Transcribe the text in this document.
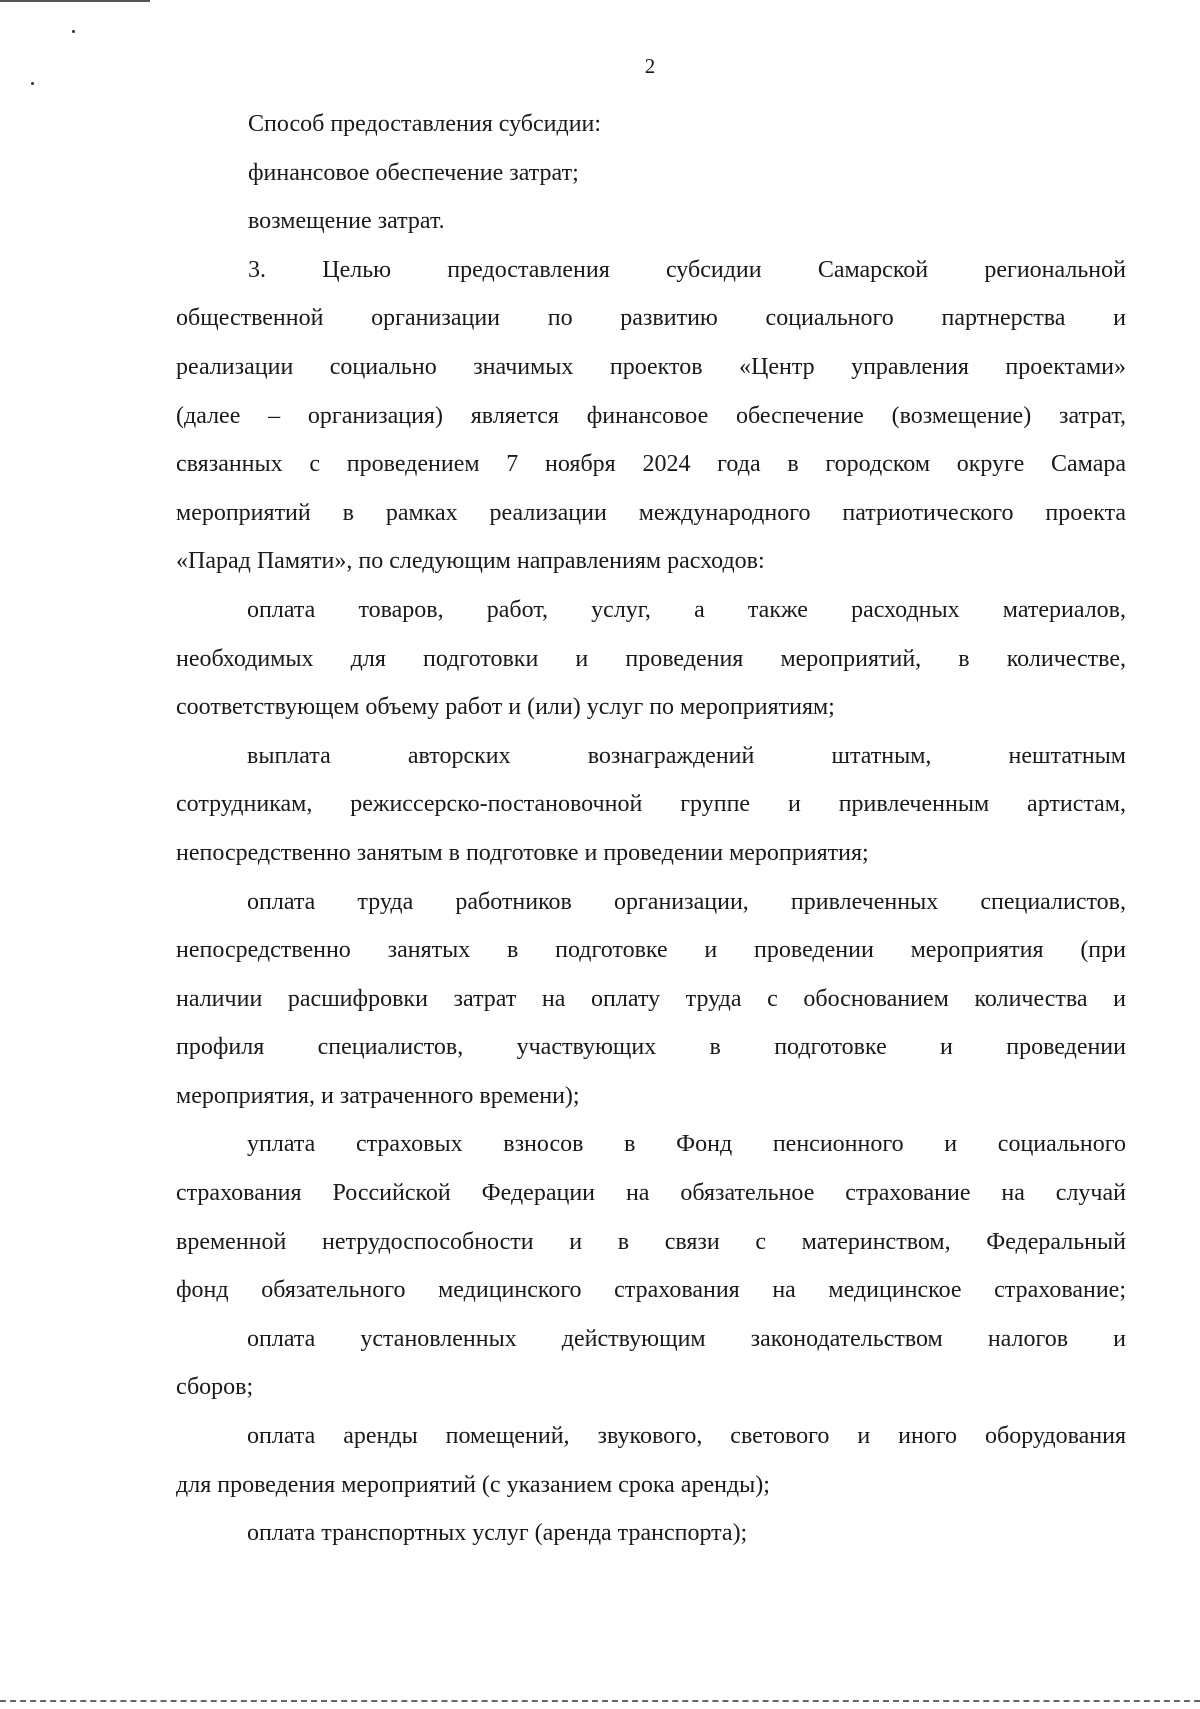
2

Способ предоставления субсидии:

финансовое обеспечение затрат;

возмещение затрат.

3. Целью предоставления субсидии Самарской региональной
общественной организации по развитию социального партнерства и
реализации социально значимых проектов «Центр управления проектами»
(далее – организация) является финансовое обеспечение (возмещение) затрат,
связанных с проведением 7 ноября 2024 года в городском округе Самара
мероприятий в рамках реализации международного патриотического проекта
«Парад Памяти», по следующим направлениям расходов:

оплата товаров, работ, услуг, а также расходных материалов,
необходимых для подготовки и проведения мероприятий, в количестве,
соответствующем объему работ и (или) услуг по мероприятиям;

выплата авторских вознаграждений штатным, нештатным
сотрудникам, режиссерско-постановочной группе и привлеченным артистам,
непосредственно занятым в подготовке и проведении мероприятия;

оплата труда работников организации, привлеченных специалистов,
непосредственно занятых в подготовке и проведении мероприятия (при
наличии расшифровки затрат на оплату труда с обоснованием количества и
профиля специалистов, участвующих в подготовке и проведении
мероприятия, и затраченного времени);

уплата страховых взносов в Фонд пенсионного и социального
страхования Российской Федерации на обязательное страхование на случай
временной нетрудоспособности и в связи с материнством, Федеральный
фонд обязательного медицинского страхования на медицинское страхование;

оплата установленных действующим законодательством налогов и
сборов;

оплата аренды помещений, звукового, светового и иного оборудования
для проведения мероприятий (с указанием срока аренды);

оплата транспортных услуг (аренда транспорта);
